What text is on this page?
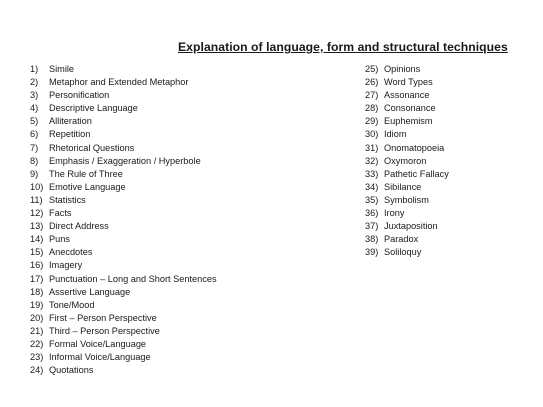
Explanation of language, form and structural techniques
1) Simile
2) Metaphor and Extended Metaphor
3) Personification
4) Descriptive Language
5) Alliteration
6) Repetition
7) Rhetorical Questions
8) Emphasis / Exaggeration / Hyperbole
9) The Rule of Three
10) Emotive Language
11) Statistics
12) Facts
13) Direct Address
14) Puns
15) Anecdotes
16) Imagery
17) Punctuation – Long and Short Sentences
18) Assertive Language
19) Tone/Mood
20) First – Person Perspective
21) Third – Person Perspective
22) Formal Voice/Language
23) Informal Voice/Language
24) Quotations
25) Opinions
26) Word Types
27) Assonance
28) Consonance
29) Euphemism
30) Idiom
31) Onomatopoeia
32) Oxymoron
33) Pathetic Fallacy
34) Sibilance
35) Symbolism
36) Irony
37) Juxtaposition
38) Paradox
39) Soliloquy
